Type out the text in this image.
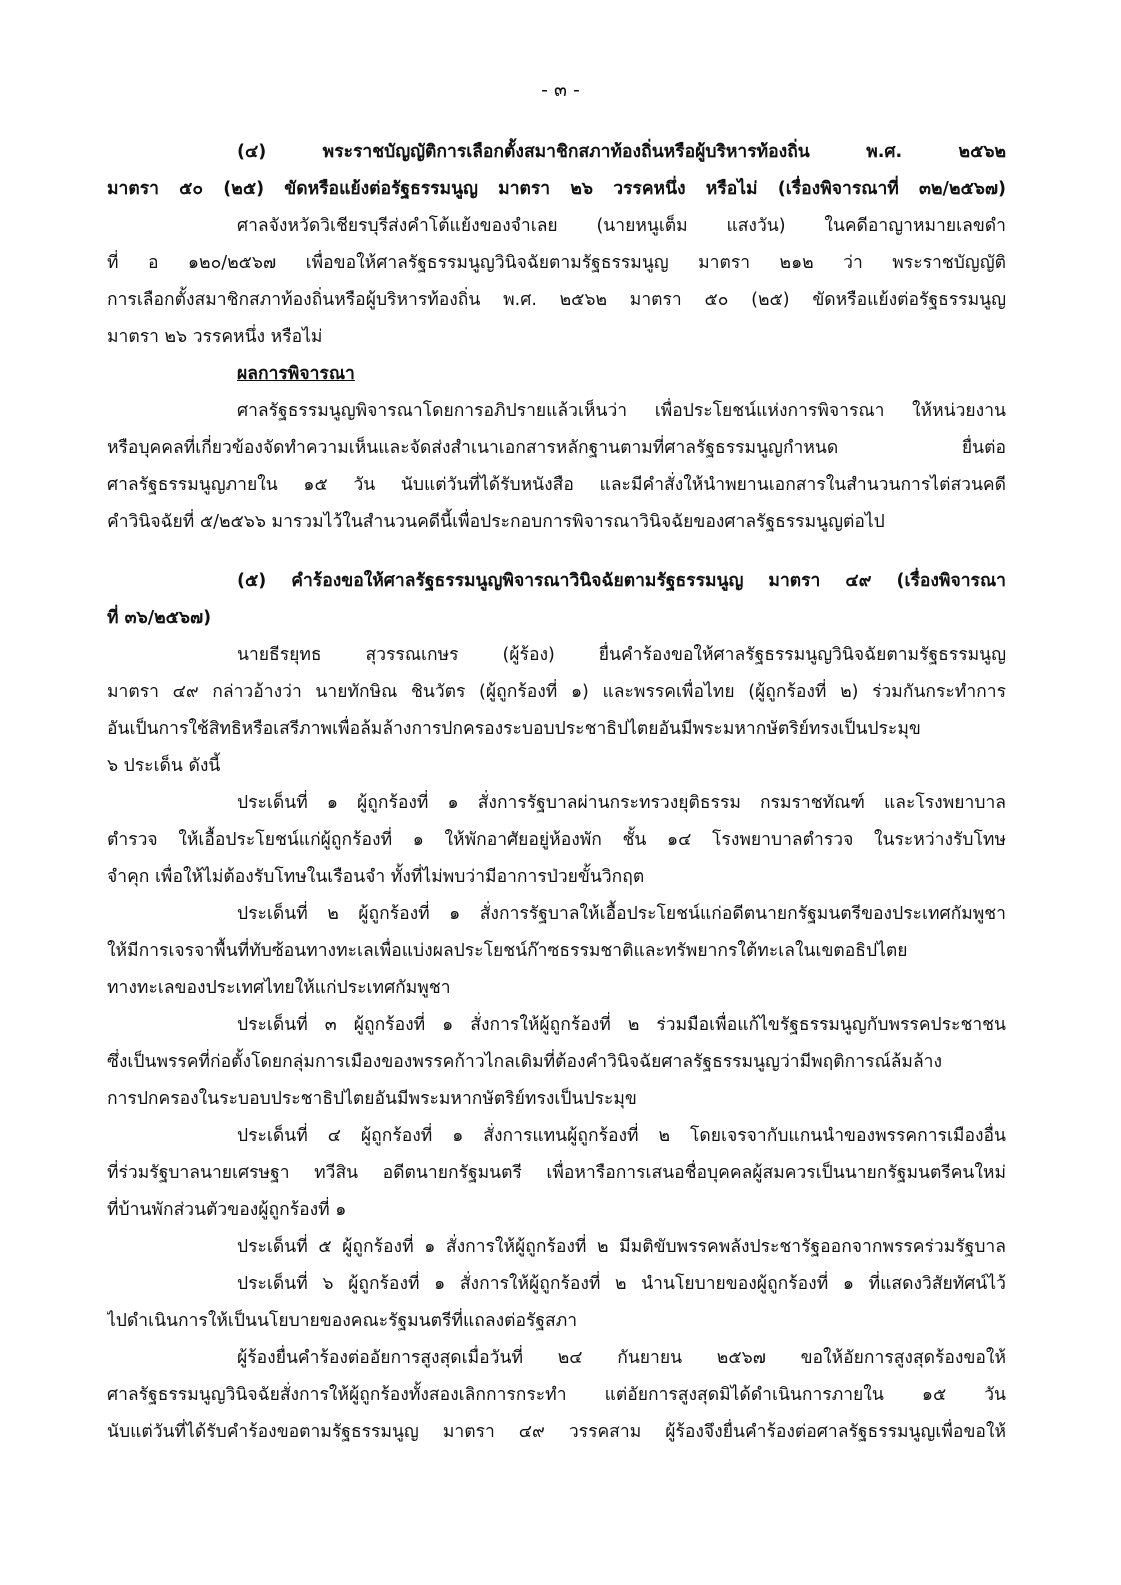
- ๓ -
(๔) พระราชบัญญัติการเลือกตั้งสมาชิกสภาท้องถิ่นหรือผู้บริหารท้องถิ่น พ.ศ. ๒๕๖๒
มาตรา ๕๐ (๒๕) ขัดหรือแย้งต่อรัฐธรรมนูญ มาตรา ๒๖ วรรคหนึ่ง หรือไม่ (เรื่องพิจารณาที่ ๓๒/๒๕๖๗)
ศาลจังหวัดวิเชียรบุรีส่งคำโต้แย้งของจำเลย (นายหนูเต็ม แสงวัน) ในคดีอาญาหมายเลขดำ
ที่ อ ๑๒๐/๒๕๖๗ เพื่อขอให้ศาลรัฐธรรมนูญวินิจฉัยตามรัฐธรรมนูญ มาตรา ๒๑๒ ว่า พระราชบัญญัติ
การเลือกตั้งสมาชิกสภาท้องถิ่นหรือผู้บริหารท้องถิ่น พ.ศ. ๒๕๖๒ มาตรา ๕๐ (๒๕) ขัดหรือแย้งต่อรัฐธรรมนูญ
มาตรา ๒๖ วรรคหนึ่ง หรือไม่
ผลการพิจารณา
ศาลรัฐธรรมนูญพิจารณาโดยการอภิปรายแล้วเห็นว่า เพื่อประโยชน์แห่งการพิจารณา ให้หน่วยงาน
หรือบุคคลที่เกี่ยวข้องจัดทำความเห็นและจัดส่งสำเนาเอกสารหลักฐานตามที่ศาลรัฐธรรมนูญกำหนด ยื่นต่อ
ศาลรัฐธรรมนูญภายใน ๑๕ วัน นับแต่วันที่ได้รับหนังสือ และมีคำสั่งให้นำพยานเอกสารในสำนวนการไต่สวนคดี
คำวินิจฉัยที่ ๕/๒๕๖๖ มารวมไว้ในสำนวนคดีนี้เพื่อประกอบการพิจารณาวินิจฉัยของศาลรัฐธรรมนูญต่อไป
(๕) คำร้องขอให้ศาลรัฐธรรมนูญพิจารณาวินิจฉัยตามรัฐธรรมนูญ มาตรา ๔๙ (เรื่องพิจารณา
ที่ ๓๖/๒๕๖๗)
นายธีรยุทธ สุวรรณเกษร (ผู้ร้อง) ยื่นคำร้องขอให้ศาลรัฐธรรมนูญวินิจฉัยตามรัฐธรรมนูญ
มาตรา ๔๙ กล่าวอ้างว่า นายทักษิณ ชินวัตร (ผู้ถูกร้องที่ ๑) และพรรคเพื่อไทย (ผู้ถูกร้องที่ ๒) ร่วมกันกระทำการ
อันเป็นการใช้สิทธิหรือเสรีภาพเพื่อล้มล้างการปกครองระบอบประชาธิปไตยอันมีพระมหากษัตริย์ทรงเป็นประมุข
๖ ประเด็น ดังนี้
ประเด็นที่ ๑ ผู้ถูกร้องที่ ๑ สั่งการรัฐบาลผ่านกระทรวงยุติธรรม กรมราชทัณฑ์ และโรงพยาบาล
ตำรวจ ให้เอื้อประโยชน์แก่ผู้ถูกร้องที่ ๑ ให้พักอาศัยอยู่ห้องพัก ชั้น ๑๔ โรงพยาบาลตำรวจ ในระหว่างรับโทษ
จำคุก เพื่อให้ไม่ต้องรับโทษในเรือนจำ ทั้งที่ไม่พบว่ามีอาการป่วยขั้นวิกฤต
ประเด็นที่ ๒ ผู้ถูกร้องที่ ๑ สั่งการรัฐบาลให้เอื้อประโยชน์แก่อดีตนายกรัฐมนตรีของประเทศกัมพูชา
ให้มีการเจรจาพื้นที่ทับซ้อนทางทะเลเพื่อแบ่งผลประโยชน์ก๊าซธรรมชาติและทรัพยากรใต้ทะเลในเขตอธิปไตย
ทางทะเลของประเทศไทยให้แก่ประเทศกัมพูชา
ประเด็นที่ ๓ ผู้ถูกร้องที่ ๑ สั่งการให้ผู้ถูกร้องที่ ๒ ร่วมมือเพื่อแก้ไขรัฐธรรมนูญกับพรรคประชาชน
ซึ่งเป็นพรรคที่ก่อตั้งโดยกลุ่มการเมืองของพรรคก้าวไกลเดิมที่ต้องคำวินิจฉัยศาลรัฐธรรมนูญว่ามีพฤติการณ์ล้มล้าง
การปกครองในระบอบประชาธิปไตยอันมีพระมหากษัตริย์ทรงเป็นประมุข
ประเด็นที่ ๔ ผู้ถูกร้องที่ ๑ สั่งการแทนผู้ถูกร้องที่ ๒ โดยเจรจากับแกนนำของพรรคการเมืองอื่น
ที่ร่วมรัฐบาลนายเศรษฐา ทวีสิน อดีตนายกรัฐมนตรี เพื่อหารือการเสนอชื่อบุคคลผู้สมควรเป็นนายกรัฐมนตรีคนใหม่
ที่บ้านพักส่วนตัวของผู้ถูกร้องที่ ๑
ประเด็นที่ ๕ ผู้ถูกร้องที่ ๑ สั่งการให้ผู้ถูกร้องที่ ๒ มีมติขับพรรคพลังประชารัฐออกจากพรรคร่วมรัฐบาล
ประเด็นที่ ๖ ผู้ถูกร้องที่ ๑ สั่งการให้ผู้ถูกร้องที่ ๒ นำนโยบายของผู้ถูกร้องที่ ๑ ที่แสดงวิสัยทัศน์ไว้
ไปดำเนินการให้เป็นนโยบายของคณะรัฐมนตรีที่แถลงต่อรัฐสภา
ผู้ร้องยื่นคำร้องต่ออัยการสูงสุดเมื่อวันที่ ๒๔ กันยายน ๒๕๖๗ ขอให้อัยการสูงสุดร้องขอให้
ศาลรัฐธรรมนูญวินิจฉัยสั่งการให้ผู้ถูกร้องทั้งสองเลิกการกระทำ แต่อัยการสูงสุดมิได้ดำเนินการภายใน ๑๕ วัน
นับแต่วันที่ได้รับคำร้องขอตามรัฐธรรมนูญ มาตรา ๔๙ วรรคสาม ผู้ร้องจึงยื่นคำร้องต่อศาลรัฐธรรมนูญเพื่อขอให้
